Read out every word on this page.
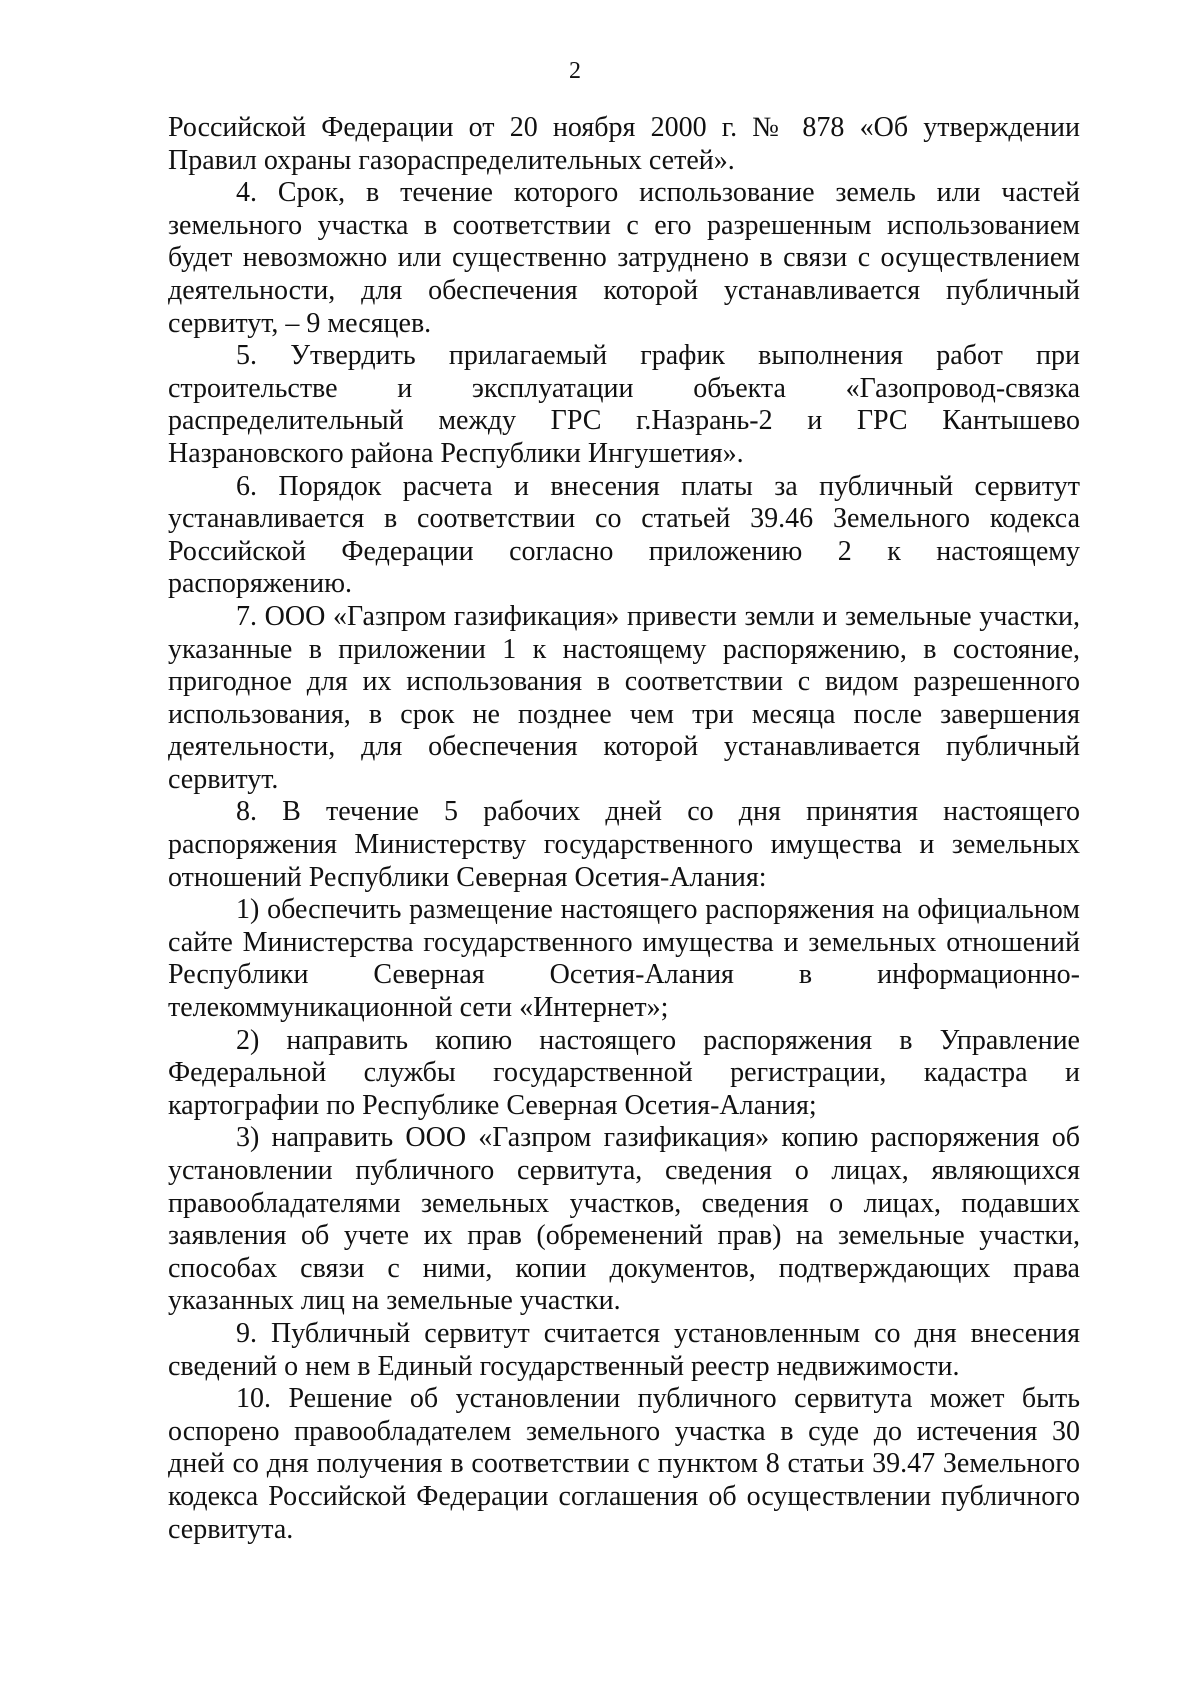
2

Российской Федерации от 20 ноября 2000 г. № 878 «Об утверждении Правил охраны газораспределительных сетей».

4. Срок, в течение которого использование земель или частей земельного участка в соответствии с его разрешенным использованием будет невозможно или существенно затруднено в связи с осуществлением деятельности, для обеспечения которой устанавливается публичный сервитут, – 9 месяцев.

5. Утвердить прилагаемый график выполнения работ при строительстве и эксплуатации объекта «Газопровод-связка распределительный между ГРС г.Назрань-2 и ГРС Кантышево Назрановского района Республики Ингушетия».

6. Порядок расчета и внесения платы за публичный сервитут устанавливается в соответствии со статьей 39.46 Земельного кодекса Российской Федерации согласно приложению 2 к настоящему распоряжению.

7. ООО «Газпром газификация» привести земли и земельные участки, указанные в приложении 1 к настоящему распоряжению, в состояние, пригодное для их использования в соответствии с видом разрешенного использования, в срок не позднее чем три месяца после завершения деятельности, для обеспечения которой устанавливается публичный сервитут.

8. В течение 5 рабочих дней со дня принятия настоящего распоряжения Министерству государственного имущества и земельных отношений Республики Северная Осетия-Алания:

1) обеспечить размещение настоящего распоряжения на официальном сайте Министерства государственного имущества и земельных отношений Республики Северная Осетия-Алания в информационно-телекоммуникационной сети «Интернет»;

2) направить копию настоящего распоряжения в Управление Федеральной службы государственной регистрации, кадастра и картографии по Республике Северная Осетия-Алания;

3) направить ООО «Газпром газификация» копию распоряжения об установлении публичного сервитута, сведения о лицах, являющихся правообладателями земельных участков, сведения о лицах, подавших заявления об учете их прав (обременений прав) на земельные участки, способах связи с ними, копии документов, подтверждающих права указанных лиц на земельные участки.

9. Публичный сервитут считается установленным со дня внесения сведений о нем в Единый государственный реестр недвижимости.

10. Решение об установлении публичного сервитута может быть оспорено правообладателем земельного участка в суде до истечения 30 дней со дня получения в соответствии с пунктом 8 статьи 39.47 Земельного кодекса Российской Федерации соглашения об осуществлении публичного сервитута.
